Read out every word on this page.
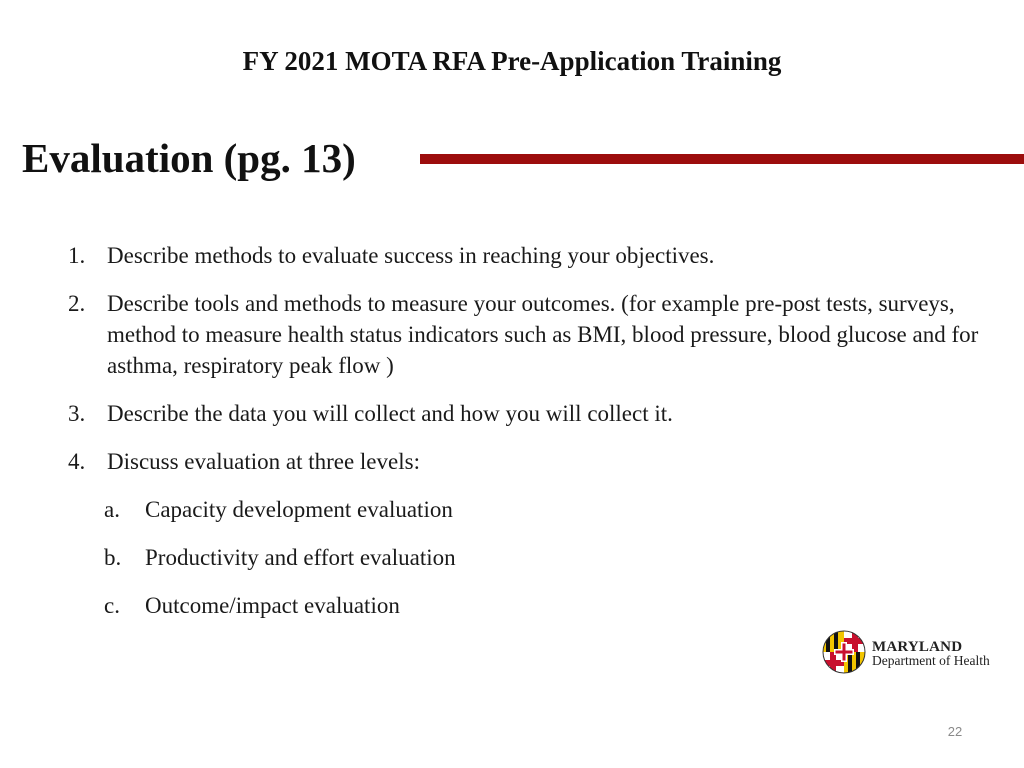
FY 2021 MOTA RFA Pre-Application Training
Evaluation (pg. 13)
1. Describe methods to evaluate success in reaching your objectives.
2. Describe tools and methods to measure your outcomes. (for example pre-post tests, surveys, method to measure health status indicators such as BMI, blood pressure, blood glucose and for asthma, respiratory peak flow )
3. Describe the data you will collect and how you will collect it.
4. Discuss evaluation at three levels:
a. Capacity development evaluation
b. Productivity and effort evaluation
c. Outcome/impact evaluation
MARYLAND
Department of Health
22
